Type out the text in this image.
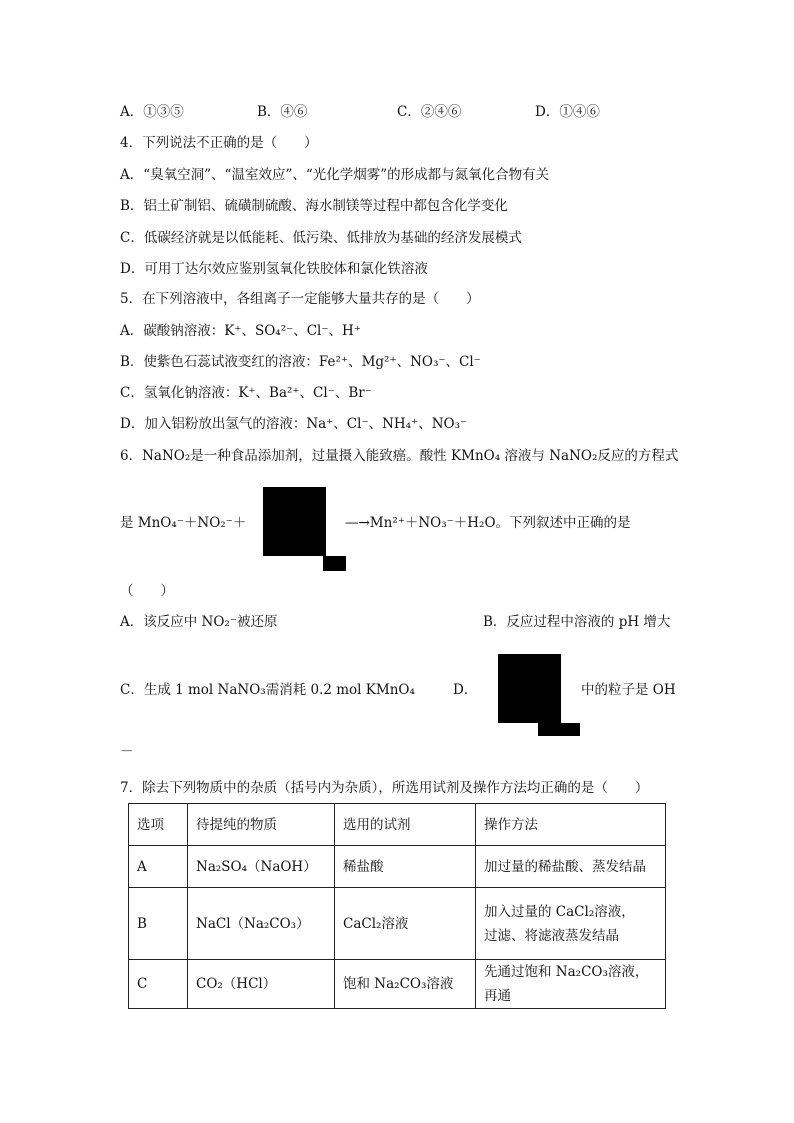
A．①③⑤	B．④⑥	C．②④⑥	D．①④⑥
4．下列说法不正确的是（　　）
A．“臭氧空洞”、“温室效应”、“光化学烟雾”的形成都与氮氧化合物有关
B．铝土矿制铝、硫磺制硫酸、海水制镁等过程中都包含化学变化
C．低碳经济就是以低能耗、低污染、低排放为基础的经济发展模式
D．可用丁达尔效应鉴别氢氧化铁胶体和氯化铁溶液
5．在下列溶液中，各组离子一定能够大量共存的是（　　）
A．碳酸钠溶液：K⁺、SO₄²⁻、Cl⁻、H⁺
B．使紫色石蕊试液变红的溶液：Fe²⁺、Mg²⁺、NO₃⁻、Cl⁻
C．氢氧化钠溶液：K⁺、Ba²⁺、Cl⁻、Br⁻
D．加入铝粉放出氢气的溶液：Na⁺、Cl⁻、NH₄⁺、NO₃⁻
6．NaNO₂是一种食品添加剂，过量摄入能致癌。酸性 KMnO₄ 溶液与 NaNO₂反应的方程式
是 MnO₄⁻＋NO₂⁻＋	—→Mn²⁺＋NO₃⁻＋H₂O。下列叙述中正确的是
（　　）
A．该反应中 NO₂⁻被还原	B．反应过程中溶液的 pH 增大
C．生成 1 mol NaNO₃需消耗 0.2 mol KMnO₄	D．	中的粒子是 OH
－
7．除去下列物质中的杂质（括号内为杂质），所选用试剂及操作方法均正确的是（　　）
选项	待提纯的物质	选用的试剂	操作方法
A	Na₂SO₄（NaOH）	稀盐酸	加过量的稀盐酸、蒸发结晶
B	NaCl（Na₂CO₃）	CaCl₂溶液	加入过量的 CaCl₂溶液，
过滤、将滤液蒸发结晶

C	CO₂（HCl）	饱和 Na₂CO₃溶液	先通过饱和 Na₂CO₃溶液，再通
